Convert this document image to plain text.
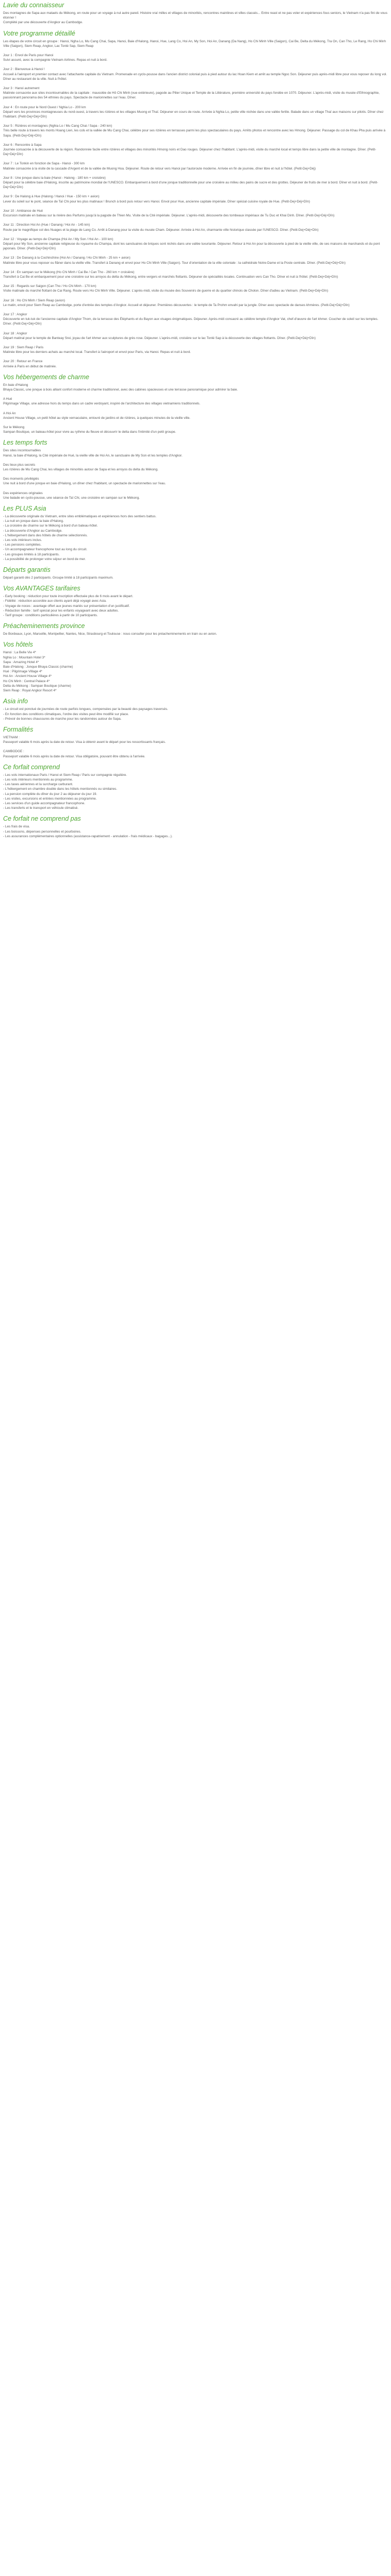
Lavie du connaisseur

Des montagnes de Sapa aux mataels du Mékong, en route pour un voyage à nul autre pareil. Histoire vraí milles et villages de minorités, rencontres mainlines et villes classés... Entre reast et ne pas voler et expériences fous seniors, le Vietnam n'a pas fini de vous étonner !

Complété par une découverte d'Angkor au Cambodge.

Votre programme détaillé

Les étapes de votre circuit en groupe : Hanoi, Ngha Lo, Mu Cang Chai, Sapa, Hanoi, Baie d'Halong, Hanoi, Hue, Lang Co, Hoi An, My Son, Hoi An, Danang (Da Nang), Ho Chi Minh Ville (Saigon), Cai Be, Delta du Mékong, Tra On, Can Tho, Le Rang, Ho Chi Minh Ville (Saigon), Siem Reap, Angkor, Lac Tonlé Sap, Siem Reap

Jour 1 : Envol de Paris pour Hanoi

Suivi assuré, avec la compagnie Vietnam Airlines. Repas et nuit à bord.

Jour 2 : Bienvenue à Hanoi !

Accueil à l'aéroport et premier contact avec l'attachante capitale du Vietnam. Promenade en cyclo-pousse dans l'ancien district colonial puis à pied autour du lac Hoan Kiem et arrêt au temple Ngoc Son. Déjeuner puis après-midi libre pour vous reposer du long vol. Dîner au restaurant de la ville. Nuit à l'hôtel.

Jour 3 : Hanoi autrement

Matinée consacrée aux sites incontournables de la capitale : mausolée de Hô Chi Minh (vue extérieure), pagode au Pilier Unique et Temple de la Littérature, première université du pays fondée en 1070. Déjeuner. L'après-midi, visite du musée d'Ethnographie, passionnant panorama des 54 ethnies du pays. Spectacle de marionnettes sur l'eau. Dîner.

Jour 4 : En route pour le Nord Ouest / Nghia Lo - 200 km

Départ vers les provinces montagneuses du nord-ouest, à travers les rizières et les villages Muong et Thaï. Déjeuner en cours de route. Arrivée à Nghia Lo, petite ville nichée dans une vallée fertile. Balade dans un village Thaï aux maisons sur pilotis. Dîner chez l'habitant. (Petit-Dej+Déj+Dîn)

Jour 5 : Rizières et montagnes (Nghia Lo / Mu Cang Chai / Sapa - 240 km)

Très belle route à travers les monts Hoang Lien, les cols et la vallée de Mu Cang Chai, célèbre pour ses rizières en terrasses parmi les plus spectaculaires du pays. Arrêts photos et rencontre avec les Hmong. Déjeuner. Passage du col de Khau Pha puis arrivée à Sapa. (Petit-Dej+Déj+Dîn)

Jour 6 : Rencontre à Sapa

Journée consacrée à la découverte de la région. Randonnée facile entre rizières et villages des minorités Hmong noirs et Dao rouges. Déjeuner chez l'habitant. L'après-midi, visite du marché local et temps libre dans la petite ville de montagne. Dîner. (Petit-Dej+Déj+Dîn)

Jour 7 : Le Tonkin en fonction de Sapa - Hanoi - 300 km

Matinée consacrée à la visite de la cascade d'Argent et de la vallée de Muong Hoa. Déjeuner. Route de retour vers Hanoi par l'autoroute moderne. Arrivée en fin de journée, dîner libre et nuit à l'hôtel. (Petit-Dej+Déj)

Jour 8 : Une jonque dans la baie (Hanoi - Halong - 180 km + croisière)

Départ pour la célèbre baie d'Halong, inscrite au patrimoine mondial de l'UNESCO. Embarquement à bord d'une jonque traditionnelle pour une croisière au milieu des pains de sucre et des grottes. Déjeuner de fruits de mer à bord. Dîner et nuit à bord. (Petit-Dej+Déj+Dîn)

Jour 9 : De Halong à Hue (Halong / Hanoi / Hue - 150 km + avion)

Lever du soleil sur le pont, séance de Taï Chi pour les plus matinaux ! Brunch à bord puis retour vers Hanoi. Envol pour Hue, ancienne capitale impériale. Dîner spécial cuisine royale de Hue. (Petit-Dej+Déj+Dîn)

Jour 10 : Ambiance de Hué

Excursion matinale en bateau sur la rivière des Parfums jusqu'à la pagode de Thien Mu. Visite de la Cité impériale. Déjeuner. L'après-midi, découverte des tombeaux impériaux de Tu Duc et Khai Dinh. Dîner. (Petit-Dej+Déj+Dîn)

Jour 11 : Direction Hoi An (Hue / Danang / Hoi An - 145 km)

Route par le magnifique col des Nuages et la plage de Lang Co. Arrêt à Danang pour la visite du musée Cham. Déjeuner. Arrivée à Hoi An, charmante ville historique classée par l'UNESCO. Dîner. (Petit-Dej+Déj+Dîn)

Jour 12 : Voyage au temps de Champa (Hoi An / My Son / Hoi An - 100 km)

Départ pour My Son, ancienne capitale religieuse du royaume du Champa, dont les sanctuaires de briques sont nichés dans une vallée luxuriante. Déjeuner. Retour à Hoi An pour la découverte à pied de la vieille ville, de ses maisons de marchands et du pont japonais. Dîner. (Petit-Dej+Déj+Dîn)

Jour 13 : De Danang à la Cochinchine (Hoi An / Danang / Ho Chi Minh - 25 km + avion)

Matinée libre pour vous reposer ou flâner dans la vieille ville. Transfert à Danang et envol pour Ho Chi Minh Ville (Saigon). Tour d'orientation de la ville coloniale : la cathédrale Notre-Dame et la Poste centrale. Dîner. (Petit-Dej+Déj+Dîn)

Jour 14 : En sampan sur le Mékong (Ho Chi Minh / Cai Be / Can Tho - 260 km + croisière)

Transfert à Cai Be et embarquement pour une croisière sur les arroyos du delta du Mékong, entre vergers et marchés flottants. Déjeuner de spécialités locales. Continuation vers Can Tho. Dîner et nuit à l'hôtel. (Petit-Dej+Déj+Dîn)

Jour 15 : Regards sur Saigon (Can Tho / Ho Chi Minh - 170 km)

Visite matinale du marché flottant de Cai Rang. Route vers Ho Chi Minh Ville. Déjeuner. L'après-midi, visite du musée des Souvenirs de guerre et du quartier chinois de Cholon. Dîner d'adieu au Vietnam. (Petit-Dej+Déj+Dîn)

Jour 16 : Ho Chi Minh / Siem Reap (avion)

Le matin, envol pour Siem Reap au Cambodge, porte d'entrée des temples d'Angkor. Accueil et déjeuner. Premières découvertes : le temple de Ta Prohm envahi par la jungle. Dîner avec spectacle de danses khmères. (Petit-Dej+Déj+Dîn)

Jour 17 : Angkor

Découverte en tuk-tuk de l'ancienne capitale d'Angkor Thom, de la terrasse des Éléphants et du Bayon aux visages énigmatiques. Déjeuner. Après-midi consacré au célèbre temple d'Angkor Vat, chef-d'œuvre de l'art khmer. Coucher de soleil sur les temples. Dîner. (Petit-Dej+Déj+Dîn)

Jour 18 : Angkor

Départ matinal pour le temple de Banteay Srei, joyau de l'art khmer aux sculptures de grès rose. Déjeuner. L'après-midi, croisière sur le lac Tonlé Sap à la découverte des villages flottants. Dîner. (Petit-Dej+Déj+Dîn)

Jour 19 : Siem Reap / Paris

Matinée libre pour les derniers achats au marché local. Transfert à l'aéroport et envol pour Paris, via Hanoi. Repas et nuit à bord.

Jour 20 : Retour en France

Arrivée à Paris en début de matinée.

Vos hébergements de charme

En baie d'Halong

Bhaya Classic, une jonque à bois alliant confort moderne et charme traditionnel, avec des cabines spacieuses et une terrasse panoramique pour admirer la baie.

A Hué

Pilgrimage Village, une adresse hors du temps dans un cadre verdoyant, inspiré de l'architecture des villages vietnamiens traditionnels.

A Hoi An

Ancient House Village, un petit hôtel au style vernaculaire, entouré de jardins et de rizières, à quelques minutes de la vieille ville.

Sur le Mékong

Sampan Boutique, un bateau-hôtel pour vivre au rythme du fleuve et découvrir le delta dans l'intimité d'un petit groupe.

Les temps forts

Des sites incontournables

Hanoi, la baie d'Halong, la Cité impériale de Hué, la vieille ville de Hoi An, le sanctuaire de My Son et les temples d'Angkor.

Des lieux plus secrets

Les rizières de Mu Cang Chai, les villages de minorités autour de Sapa et les arroyos du delta du Mékong.

Des moments privilégiés

Une nuit à bord d'une jonque en baie d'Halong, un dîner chez l'habitant, un spectacle de marionnettes sur l'eau.

Des expériences originales

Une balade en cyclo-pousse, une séance de Taï Chi, une croisière en sampan sur le Mékong.

Les PLUS Asia

- La découverte originale du Vietnam, entre sites emblématiques et expériences hors des sentiers battus.

- La nuit en jonque dans la baie d'Halong.

- La croisière de charme sur le Mékong à bord d'un bateau-hôtel.

- La découverte d'Angkor au Cambodge.

- L'hébergement dans des hôtels de charme sélectionnés.

- Les vols intérieurs inclus.

- Les pensions complètes.

- Un accompagnateur francophone tout au long du circuit.

- Les groupes limités à 18 participants.

- La possibilité de prolonger votre séjour en bord de mer.

Départs garantis

Départ garanti dès 2 participants. Groupe limité à 18 participants maximum.

Vos AVANTAGES tarifaires

- Early booking : réduction pour toute inscription effectuée plus de 6 mois avant le départ.

- Fidélité : réduction accordée aux clients ayant déjà voyagé avec Asia.

- Voyage de noces : avantage offert aux jeunes mariés sur présentation d'un justificatif.

- Réduction famille : tarif spécial pour les enfants voyageant avec deux adultes.

- Tarif groupe : conditions particulières à partir de 10 participants.

Préacheminements province

De Bordeaux, Lyon, Marseille, Montpellier, Nantes, Nice, Strasbourg et Toulouse : nous consulter pour les préacheminements en train ou en avion.

Vos hôtels

Hanoi : La Belle Vie 4*

Nghia Lo : Mountain Hotel 3*

Sapa : Amazing Hotel 4*

Baie d'Halong : Jonque Bhaya Classic (charme)

Hué : Pilgrimage Village 4*

Hoi An : Ancient House Village 4*

Ho Chi Minh : Central Palace 4*

Delta du Mékong : Sampan Boutique (charme)

Siem Reap : Royal Angkor Resort 4*

Asia info

- Le circuit est ponctué de journées de route parfois longues, compensées par la beauté des paysages traversés.

- En fonction des conditions climatiques, l'ordre des visites peut être modifié sur place.

- Prévoir de bonnes chaussures de marche pour les randonnées autour de Sapa.

Formalités

VIETNAM :

Passeport valable 6 mois après la date de retour. Visa à obtenir avant le départ pour les ressortissants français.

CAMBODGE :

Passeport valable 6 mois après la date de retour. Visa obligatoire, pouvant être obtenu à l'arrivée.

Ce forfait comprend

- Les vols internationaux Paris / Hanoi et Siem Reap / Paris sur compagnie régulière.

- Les vols intérieurs mentionnés au programme.

- Les taxes aériennes et la surcharge carburant.

- L'hébergement en chambre double dans les hôtels mentionnés ou similaires.

- La pension complète du dîner du jour 2 au déjeuner du jour 19.

- Les visites, excursions et entrées mentionnées au programme.

- Les services d'un guide accompagnateur francophone.

- Les transferts et le transport en véhicule climatisé.

Ce forfait ne comprend pas

- Les frais de visa.

- Les boissons, dépenses personnelles et pourboires.

- Les assurances complémentaires optionnelles (assistance-rapatriement - annulation - frais médicaux - bagages...).
